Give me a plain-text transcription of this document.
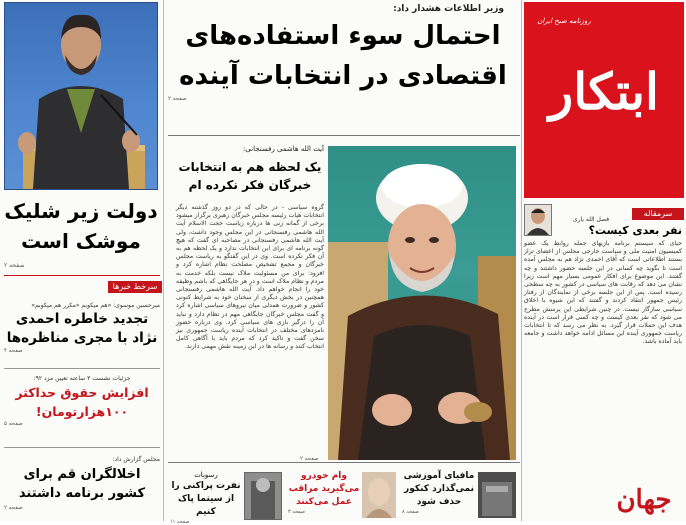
دولت زیر شلیک
موشک است
صفحه ۲
سرخط خبرها
میرحسین موسوی: «هم میکوبم «مکرر هم میکوبم»
تجدید خاطره احمدی نژاد با مجری مناظره‌ها
صفحه ۴
جزئیات نشست ۳ ساعته تعیین مزد ۹۲:
افزایش حقوق حداکثر ۱۰۰هزارتومان!
صفحه ۵
مجلس گزارش داد:
اخلالگران قم برای کشور برنامه داشتند
صفحه ۲
وزیر اطلاعات هشدار داد:
احتمال سوء استفاده‌های
اقتصادی در انتخابات آینده
صفحه ۲
آیت الله هاشمی رفسنجانی:
یک لحظه هم به انتخابات
خبرگان فکر نکرده ام
گروه سیاسی - در حالی که در دو روز گذشته دیگر انتخابات هیات رئیسه مجلس خبرگان رهبری برگزار میشود برخی از گمانه زنی ها درباره ریاست حجت الاسلام آیت الله هاشمی رفسنجانی در این مجلس وجود داشت، ولی آیت الله هاشمی رفسنجانی در مصاحبه ای گفت که هیچ گونه برنامه ای برای این انتخابات ندارد و یک لحظه هم به آن فکر نکرده است. وی در این گفتگو به ریاست مجلس خبرگان و مجمع تشخیص مصلحت نظام اشاره کرد و افزود: برای من مسئولیت ملاک نیست بلکه خدمت به مردم و نظام ملاک است و در هر جایگاهی که باشم وظیفه خود را انجام خواهم داد. آیت الله هاشمی رفسنجانی همچنین در بخش دیگری از سخنان خود به شرایط کنونی کشور و ضرورت همدلی میان نیروهای سیاسی اشاره کرد و گفت مجلس خبرگان جایگاهی مهم در نظام دارد و نباید آن را درگیر بازی های سیاسی کرد. وی درباره حضور نامزدهای مختلف در انتخابات آینده ریاست جمهوری نیز سخن گفت و تاکید کرد که مردم باید با آگاهی کامل انتخاب کنند و رسانه ها در این زمینه نقش مهمی دارند.
صفحه ۲
رسوبات
نفرت پراکنی را از سینما پاک کنیم
صفحه ۱۱
وام خودرو
می‌گیرید مراقب عمل می‌کنند
صفحه ۳
مافیای آموزشی
نمی‌گذارد کنکور حذف شود
صفحه ۸
ابتکار
روزنامه صبح ایران
سرمقاله
فصل الله یاری
نفر بعدی کیست؟
حیای که سیستم برنامه بازیهای جمله روابط یک عضو کمیسیون امنیت ملی و سیاست خارجی مجلس از اعضای تراز بستند اطلاعاتی است که آقای احمدی نژاد هم به مجلس آمده است تا بگوید چه کسانی در این جلسه حضور داشتند و چه گفتند. این موضوع برای افکار عمومی بسیار مهم است زیرا نشان می دهد که رقابت های سیاسی در کشور به چه سطحی رسیده است. پس از این جلسه برخی از نمایندگان از رفتار رئیس جمهور انتقاد کردند و گفتند که این شیوه با اخلاق سیاسی سازگار نیست. در چنین شرایطی این پرسش مطرح می شود که نفر بعدی کیست و چه کسی قرار است در آینده هدف این حملات قرار گیرد. به نظر می رسد که تا انتخابات ریاست جمهوری آینده این مسائل ادامه خواهد داشت و جامعه باید آماده باشد.
جهان
